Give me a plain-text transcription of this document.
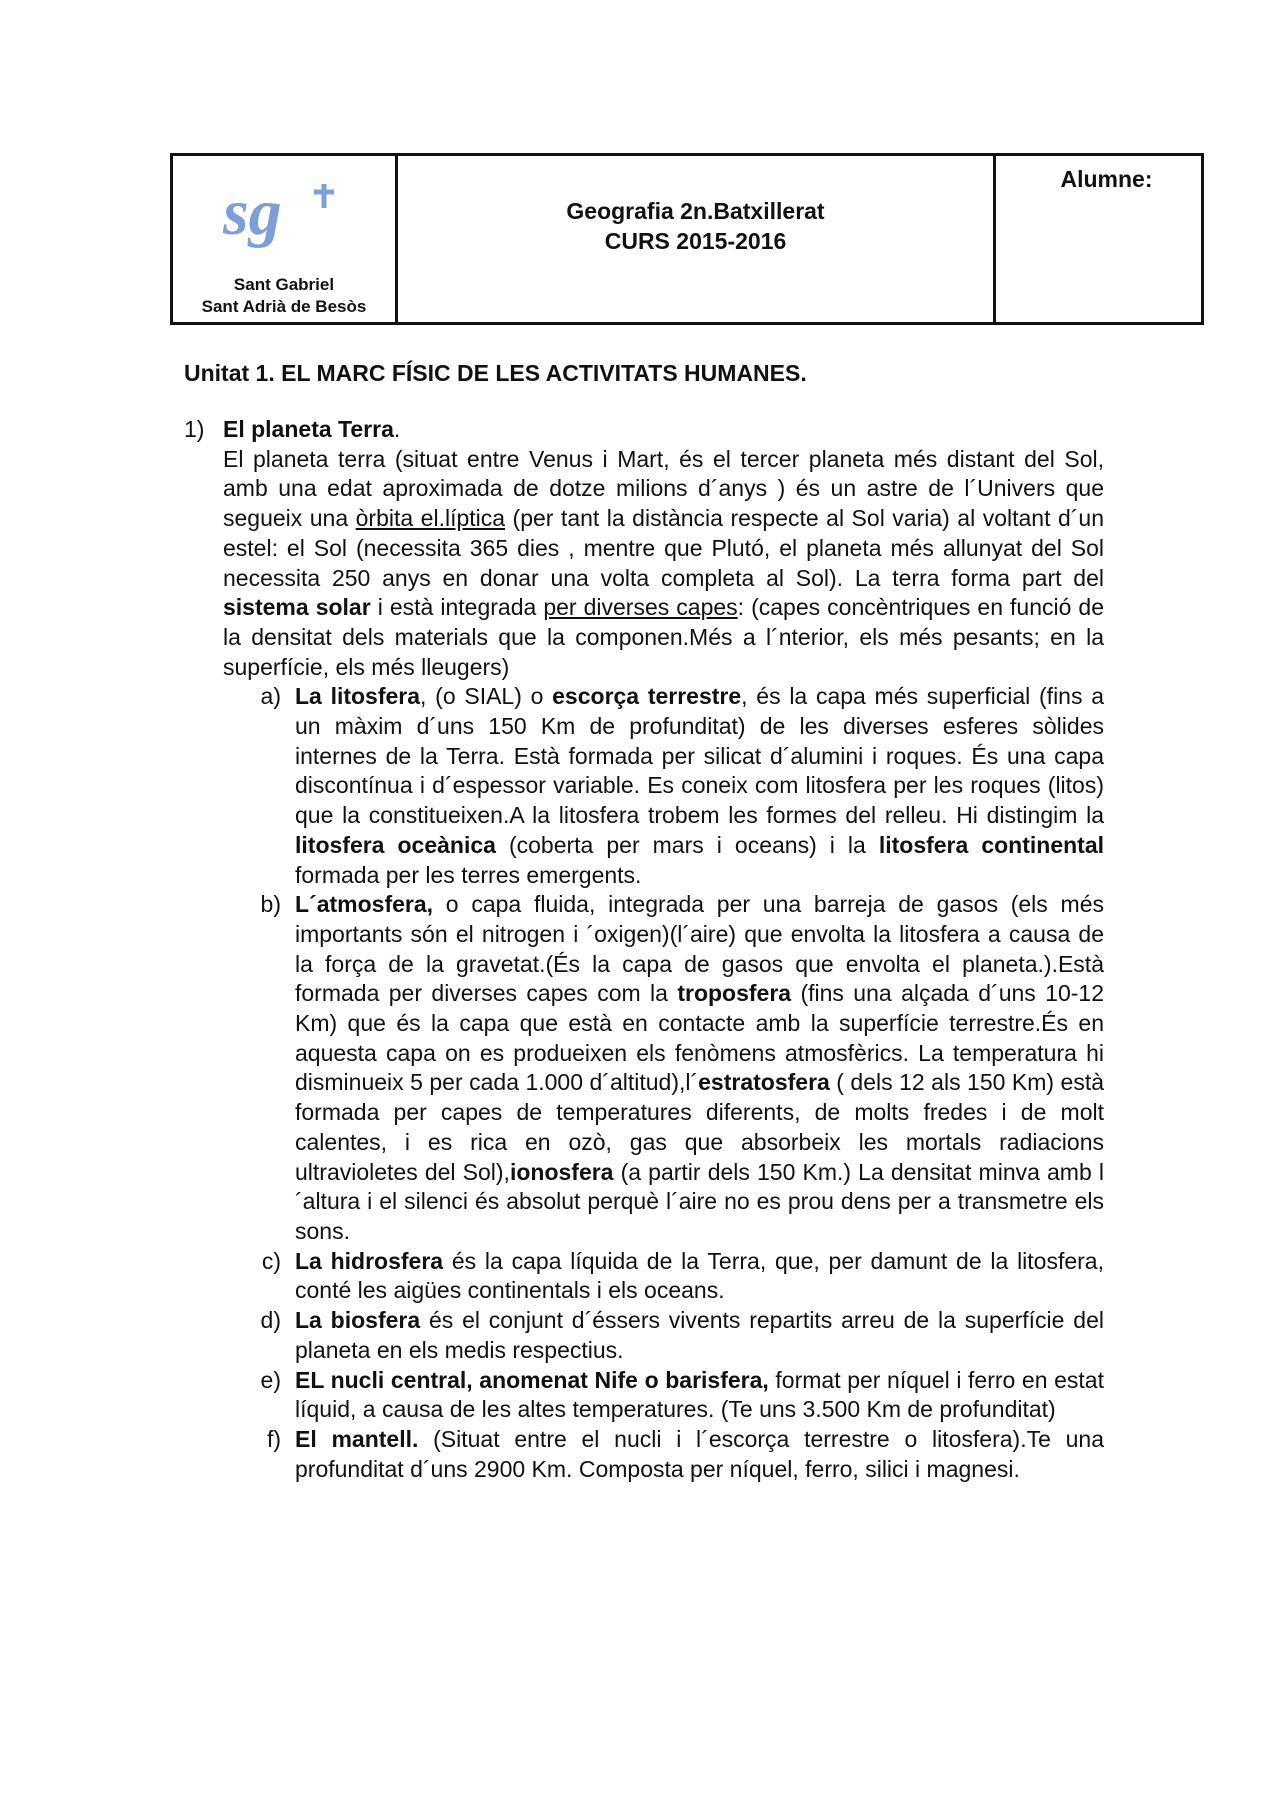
sg
Sant Gabriel
Sant Adrià de Besòs
Geografia 2n.Batxillerat
CURS 2015-2016
Alumne:
Unitat 1. EL MARC FÍSIC DE LES ACTIVITATS HUMANES.
1) El planeta Terra.

El planeta terra (situat entre Venus i Mart, és el tercer planeta més distant del Sol, amb una edat aproximada de dotze milions d´anys ) és un astre de l´Univers que segueix una òrbita el.líptica (per tant la distància respecte al Sol varia) al voltant d´un estel: el Sol (necessita 365 dies , mentre que Plutó, el planeta més allunyat del Sol necessita 250 anys en donar una volta completa al Sol). La terra forma part del sistema solar i està integrada per diverses capes: (capes concèntriques en funció de la densitat dels materials que la componen.Més a l´nterior, els més pesants; en la superfície, els més lleugers)

a) La litosfera, (o SIAL) o escorça terrestre, és la capa més superficial (fins a un màxim d´uns 150 Km de profunditat) de les diverses esferes sòlides internes de la Terra. Està formada per silicat d´alumini i roques. És una capa discontínua i d´espessor variable. Es coneix com litosfera per les roques (litos) que la constitueixen.A la litosfera trobem les formes del relleu. Hi distingim la litosfera oceànica (coberta per mars i oceans) i la litosfera continental formada per les terres emergents.
b) L´atmosfera, o capa fluida, integrada per una barreja de gasos (els més importants són el nitrogen i ´oxigen)(l´aire) que envolta la litosfera a causa de la força de la gravetat.(És la capa de gasos que envolta el planeta.).Està formada per diverses capes com la troposfera (fins una alçada d´uns 10-12 Km) que és la capa que està en contacte amb la superfície terrestre.És en aquesta capa on es produeixen els fenòmens atmosfèrics. La temperatura hi disminueix 5 per cada 1.000 d´altitud),l´estratosfera ( dels 12 als 150 Km) està formada per capes de temperatures diferents, de molts fredes i de molt calentes, i es rica en ozò, gas que absorbeix les mortals radiacions ultravioletes del Sol),ionosfera (a partir dels 150 Km.) La densitat minva amb l´altura i el silenci és absolut perquè l´aire no es prou dens per a transmetre els sons.
c) La hidrosfera és la capa líquida de la Terra, que, per damunt de la litosfera, conté les aigües continentals i els oceans.
d) La biosfera és el conjunt d´éssers vivents repartits arreu de la superfície del planeta en els medis respectius.
e) EL nucli central, anomenat Nife o barisfera, format per níquel i ferro en estat líquid, a causa de les altes temperatures. (Te uns 3.500 Km de profunditat)
f) El mantell. (Situat entre el nucli i l´escorça terrestre o litosfera).Te una profunditat d´uns 2900 Km. Composta per níquel, ferro, silici i magnesi.
